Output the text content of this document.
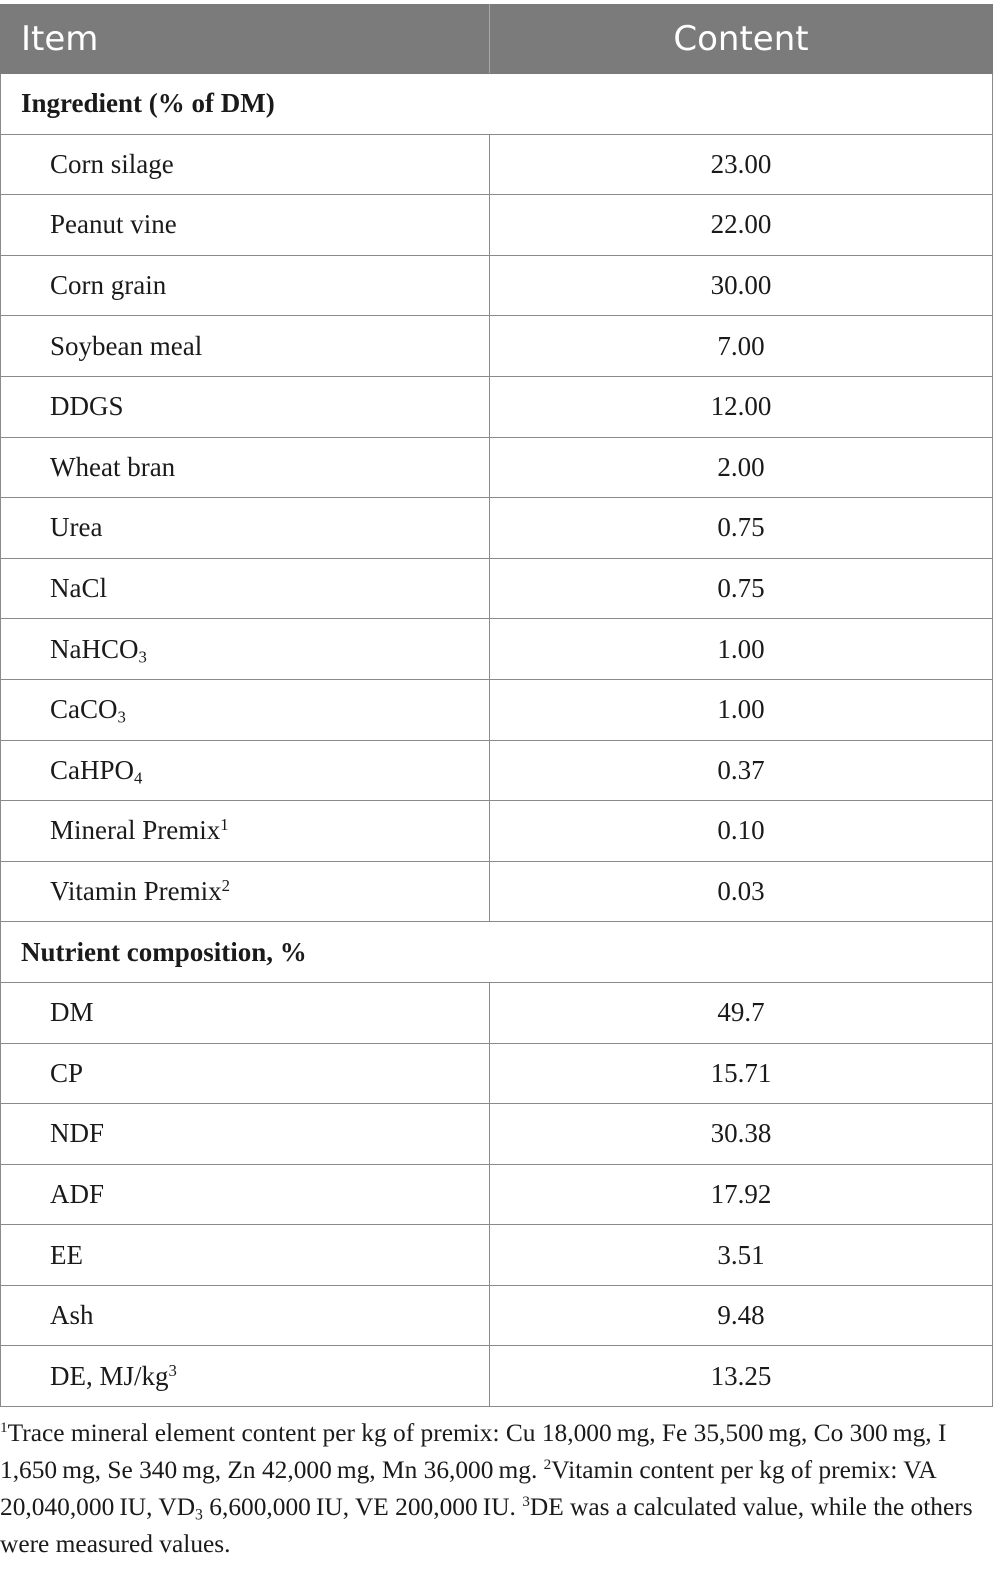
Item	Content
Ingredient (% of DM)	
Corn silage	23.00
Peanut vine	22.00
Corn grain	30.00
Soybean meal	7.00
DDGS	12.00
Wheat bran	2.00
Urea	0.75
NaCl	0.75
NaHCO$_3$	1.00
CaCO$_3$	1.00
CaHPO$_4$	0.37
Mineral Premix$^1$	0.10
Vitamin Premix$^2$	0.03
Nutrient composition, %	
DM	49.7
CP	15.71
NDF	30.38
ADF	17.92
EE	3.51
Ash	9.48
DE, $MJ/kg^3$	13.25
$^1$Trace mineral element content per kg of premix: Cu 18,000 mg, Fe 35,500 mg, Co 300 mg, I 1,650 mg, Se 340 mg, Zn 42,000 mg, Mn 36,000 mg. $^2$Vitamin content per kg of premix: VA 20,040,000 IU, $VD_3$ 6,600,000 IU, VE 200,000 IU. $^3$DE was a calculated value, while the others were measured values.
